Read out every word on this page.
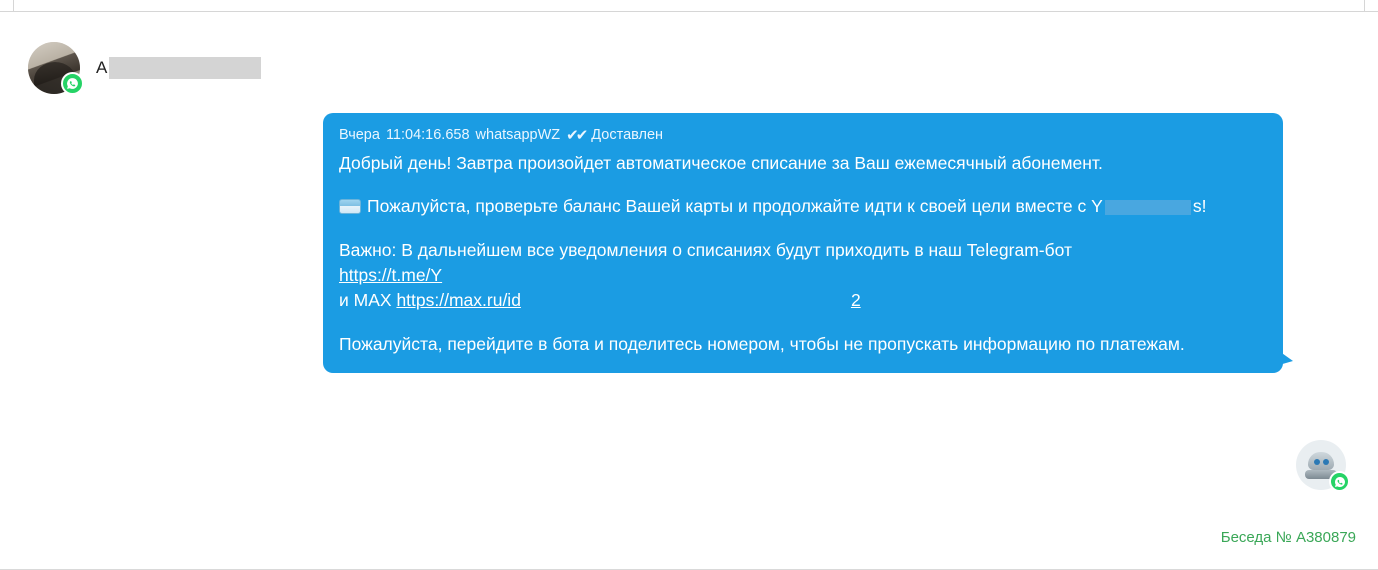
A
Вчера 11:04:16.658 whatsappWZ ✔✔ Доставлен

Добрый день! Завтра произойдет автоматическое списание за Ваш ежемесячный абонемент.

Пожалуйста, проверьте баланс Вашей карты и продолжайте идти к своей цели вместе с Y	s!

Важно: В дальнейшем все уведомления о списаниях будут приходить в наш Telegram-бот

https://t.me/Y

и MAX https://max.ru/id	2

Пожалуйста, перейдите в бота и поделитесь номером, чтобы не пропускать информацию по платежам.

Беседа № A380879
